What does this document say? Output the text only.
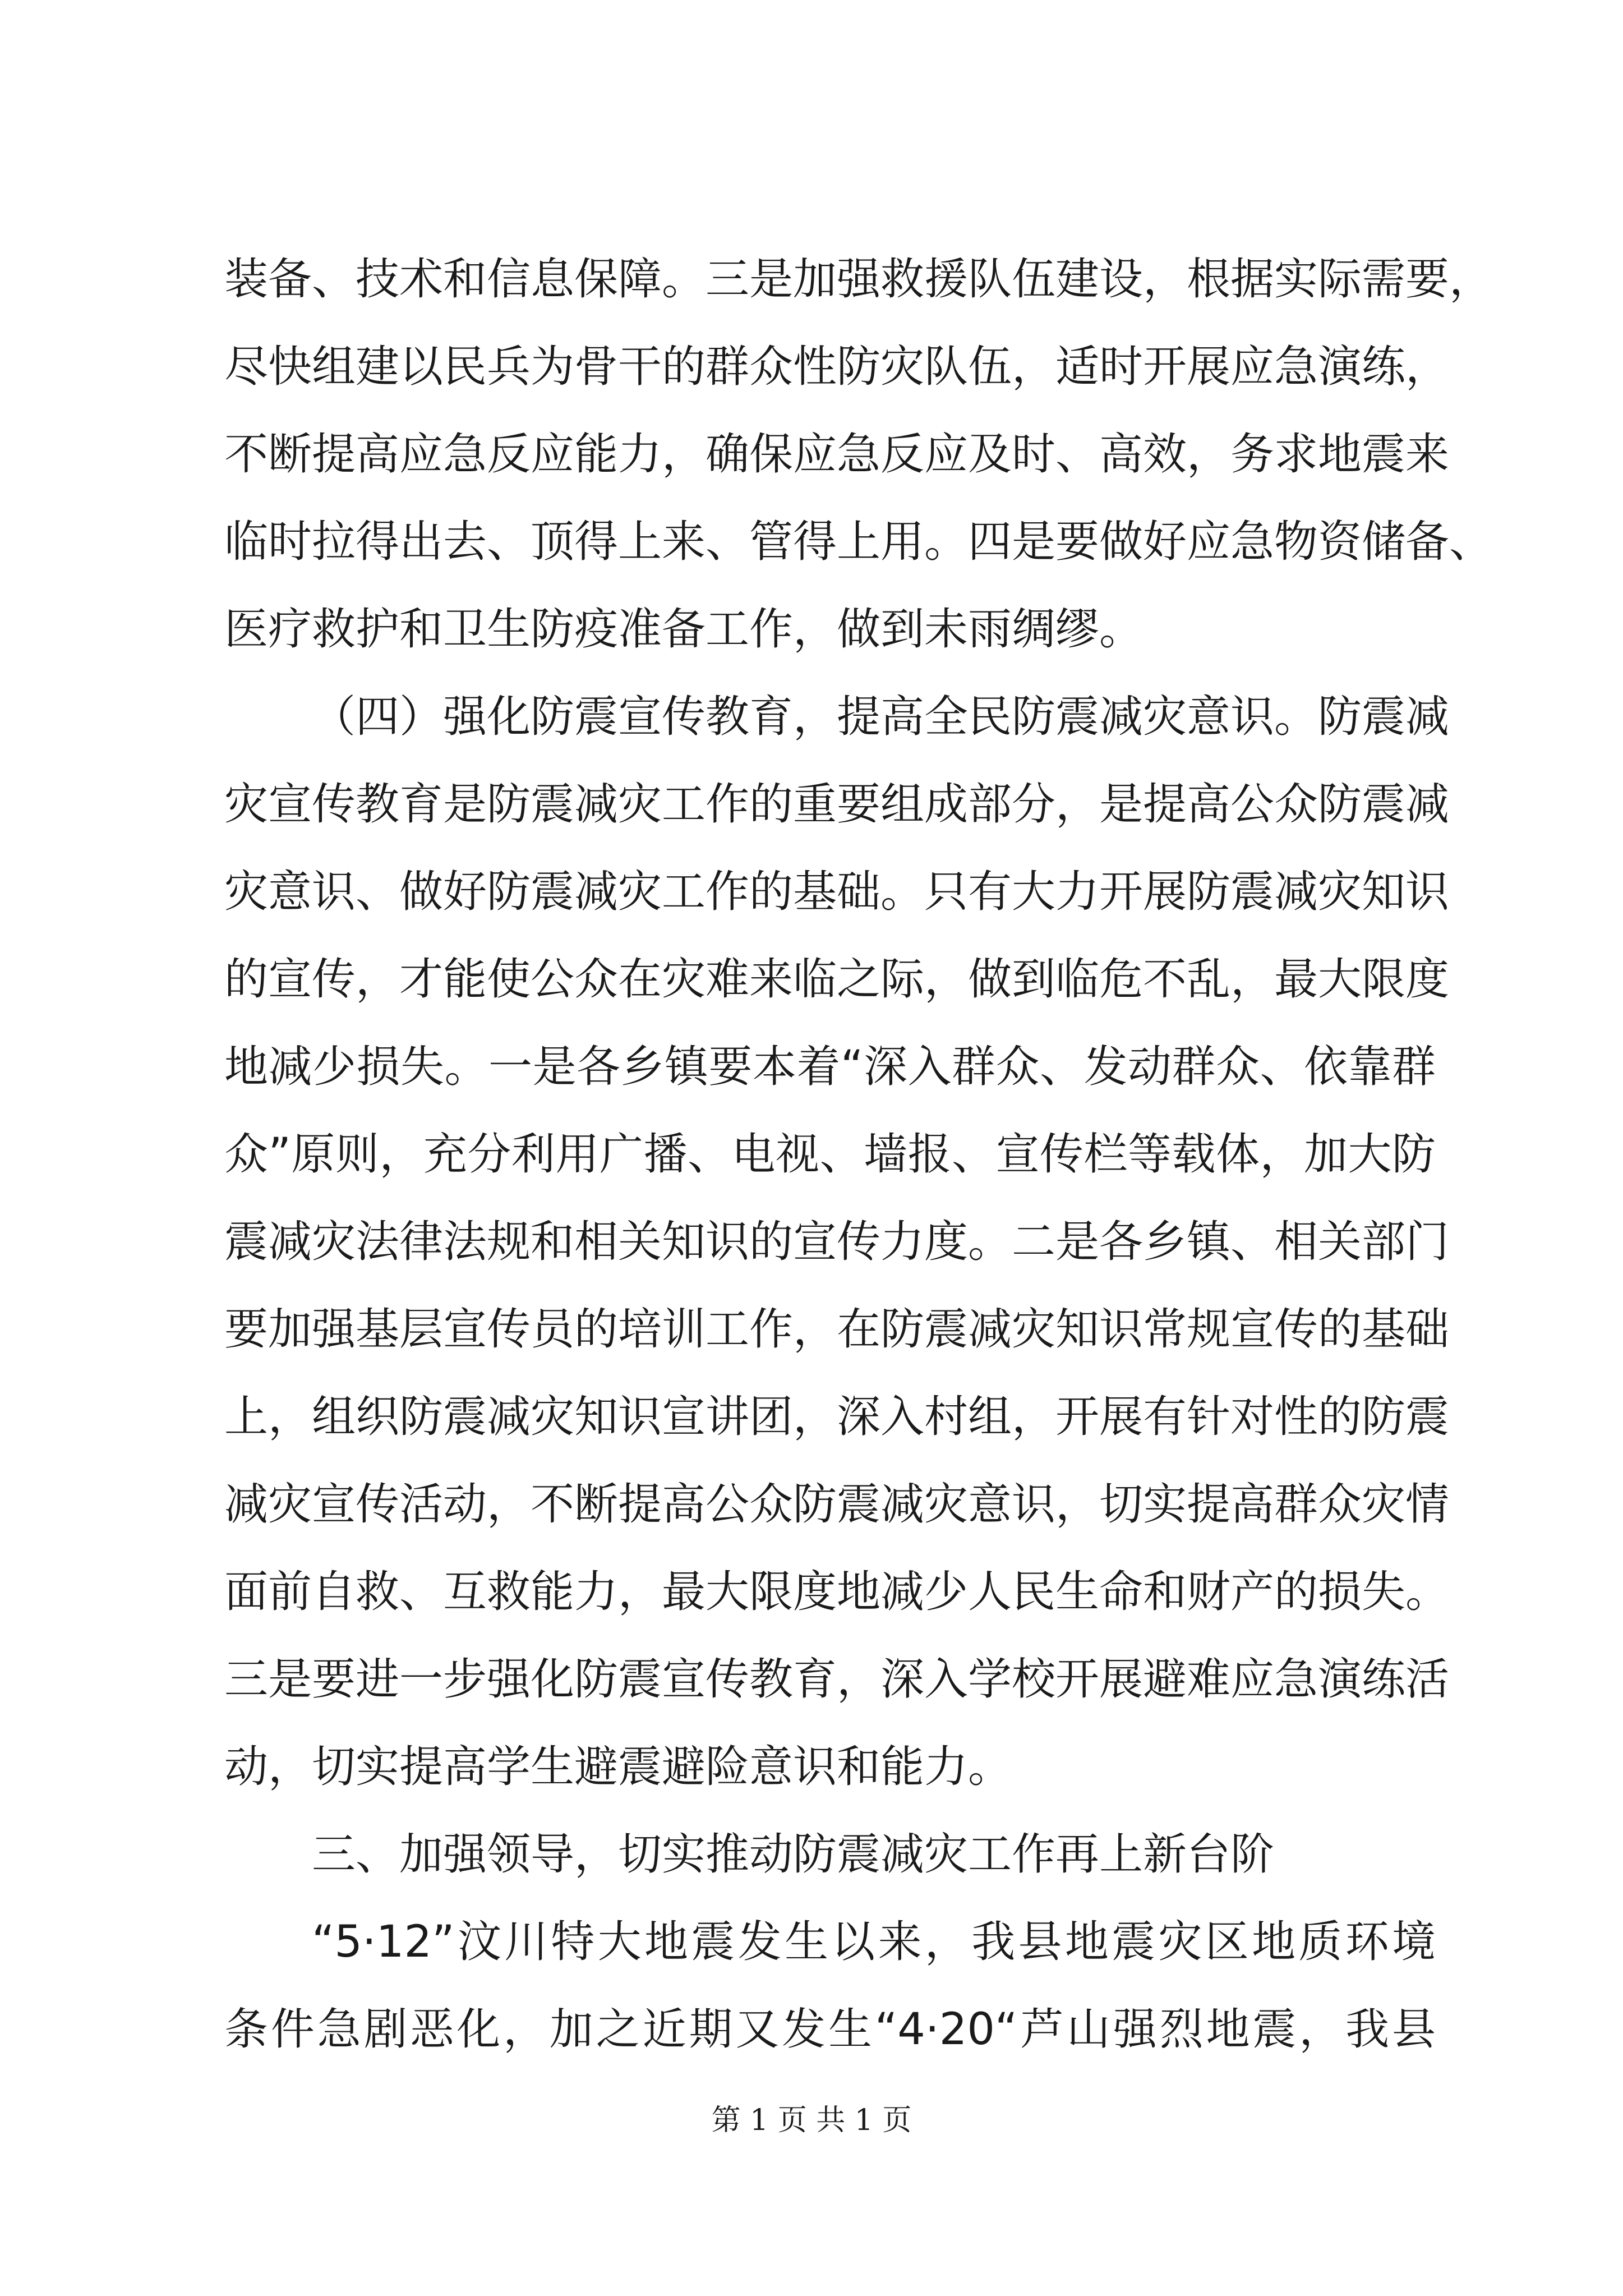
装备、技术和信息保障。三是加强救援队伍建设，根据实际需要，
尽快组建以民兵为骨干的群众性防灾队伍，适时开展应急演练，
不断提高应急反应能力，确保应急反应及时、高效，务求地震来
临时拉得出去、顶得上来、管得上用。四是要做好应急物资储备、
医疗救护和卫生防疫准备工作，做到未雨绸缪。
（四）强化防震宣传教育，提高全民防震减灾意识。防震减
灾宣传教育是防震减灾工作的重要组成部分，是提高公众防震减
灾意识、做好防震减灾工作的基础。只有大力开展防震减灾知识
的宣传，才能使公众在灾难来临之际，做到临危不乱，最大限度
地减少损失。一是各乡镇要本着“深入群众、发动群众、依靠群
众”原则，充分利用广播、电视、墙报、宣传栏等载体，加大防
震减灾法律法规和相关知识的宣传力度。二是各乡镇、相关部门
要加强基层宣传员的培训工作，在防震减灾知识常规宣传的基础
上，组织防震减灾知识宣讲团，深入村组，开展有针对性的防震
减灾宣传活动，不断提高公众防震减灾意识，切实提高群众灾情
面前自救、互救能力，最大限度地减少人民生命和财产的损失。
三是要进一步强化防震宣传教育，深入学校开展避难应急演练活
动，切实提高学生避震避险意识和能力。
三、加强领导，切实推动防震减灾工作再上新台阶
“5·12”汶川特大地震发生以来，我县地震灾区地质环境
条件急剧恶化，加之近期又发生“4·20“芦山强烈地震，我县
第 1 页 共 1 页
